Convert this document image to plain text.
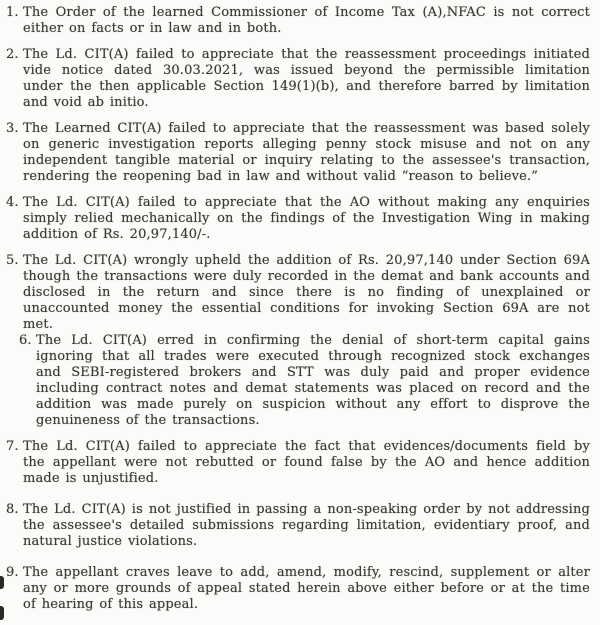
1. The Order of the learned Commissioner of Income Tax (A),NFAC is not correct either on facts or in law and in both.
2. The Ld. CIT(A) failed to appreciate that the reassessment proceedings initiated vide notice dated 30.03.2021, was issued beyond the permissible limitation under the then applicable Section 149(1)(b), and therefore barred by limitation and void ab initio.
3. The Learned CIT(A) failed to appreciate that the reassessment was based solely on generic investigation reports alleging penny stock misuse and not on any independent tangible material or inquiry relating to the assessee's transaction, rendering the reopening bad in law and without valid “reason to believe.”
4. The Ld. CIT(A) failed to appreciate that the AO without making any enquiries simply relied mechanically on the findings of the Investigation Wing in making addition of Rs. 20,97,140/-.
5. The Ld. CIT(A) wrongly upheld the addition of Rs. 20,97,140 under Section 69A though the transactions were duly recorded in the demat and bank accounts and disclosed in the return and since there is no finding of unexplained or unaccounted money the essential conditions for invoking Section 69A are not met.
6. The Ld. CIT(A) erred in confirming the denial of short-term capital gains ignoring that all trades were executed through recognized stock exchanges and SEBI-registered brokers and STT was duly paid and proper evidence including contract notes and demat statements was placed on record and the addition was made purely on suspicion without any effort to disprove the genuineness of the transactions.
7. The Ld. CIT(A) failed to appreciate the fact that evidences/documents field by the appellant were not rebutted or found false by the AO and hence addition made is unjustified.
8. The Ld. CIT(A) is not justified in passing a non-speaking order by not addressing the assessee's detailed submissions regarding limitation, evidentiary proof, and natural justice violations.
9. The appellant craves leave to add, amend, modify, rescind, supplement or alter any or more grounds of appeal stated herein above either before or at the time of hearing of this appeal.
